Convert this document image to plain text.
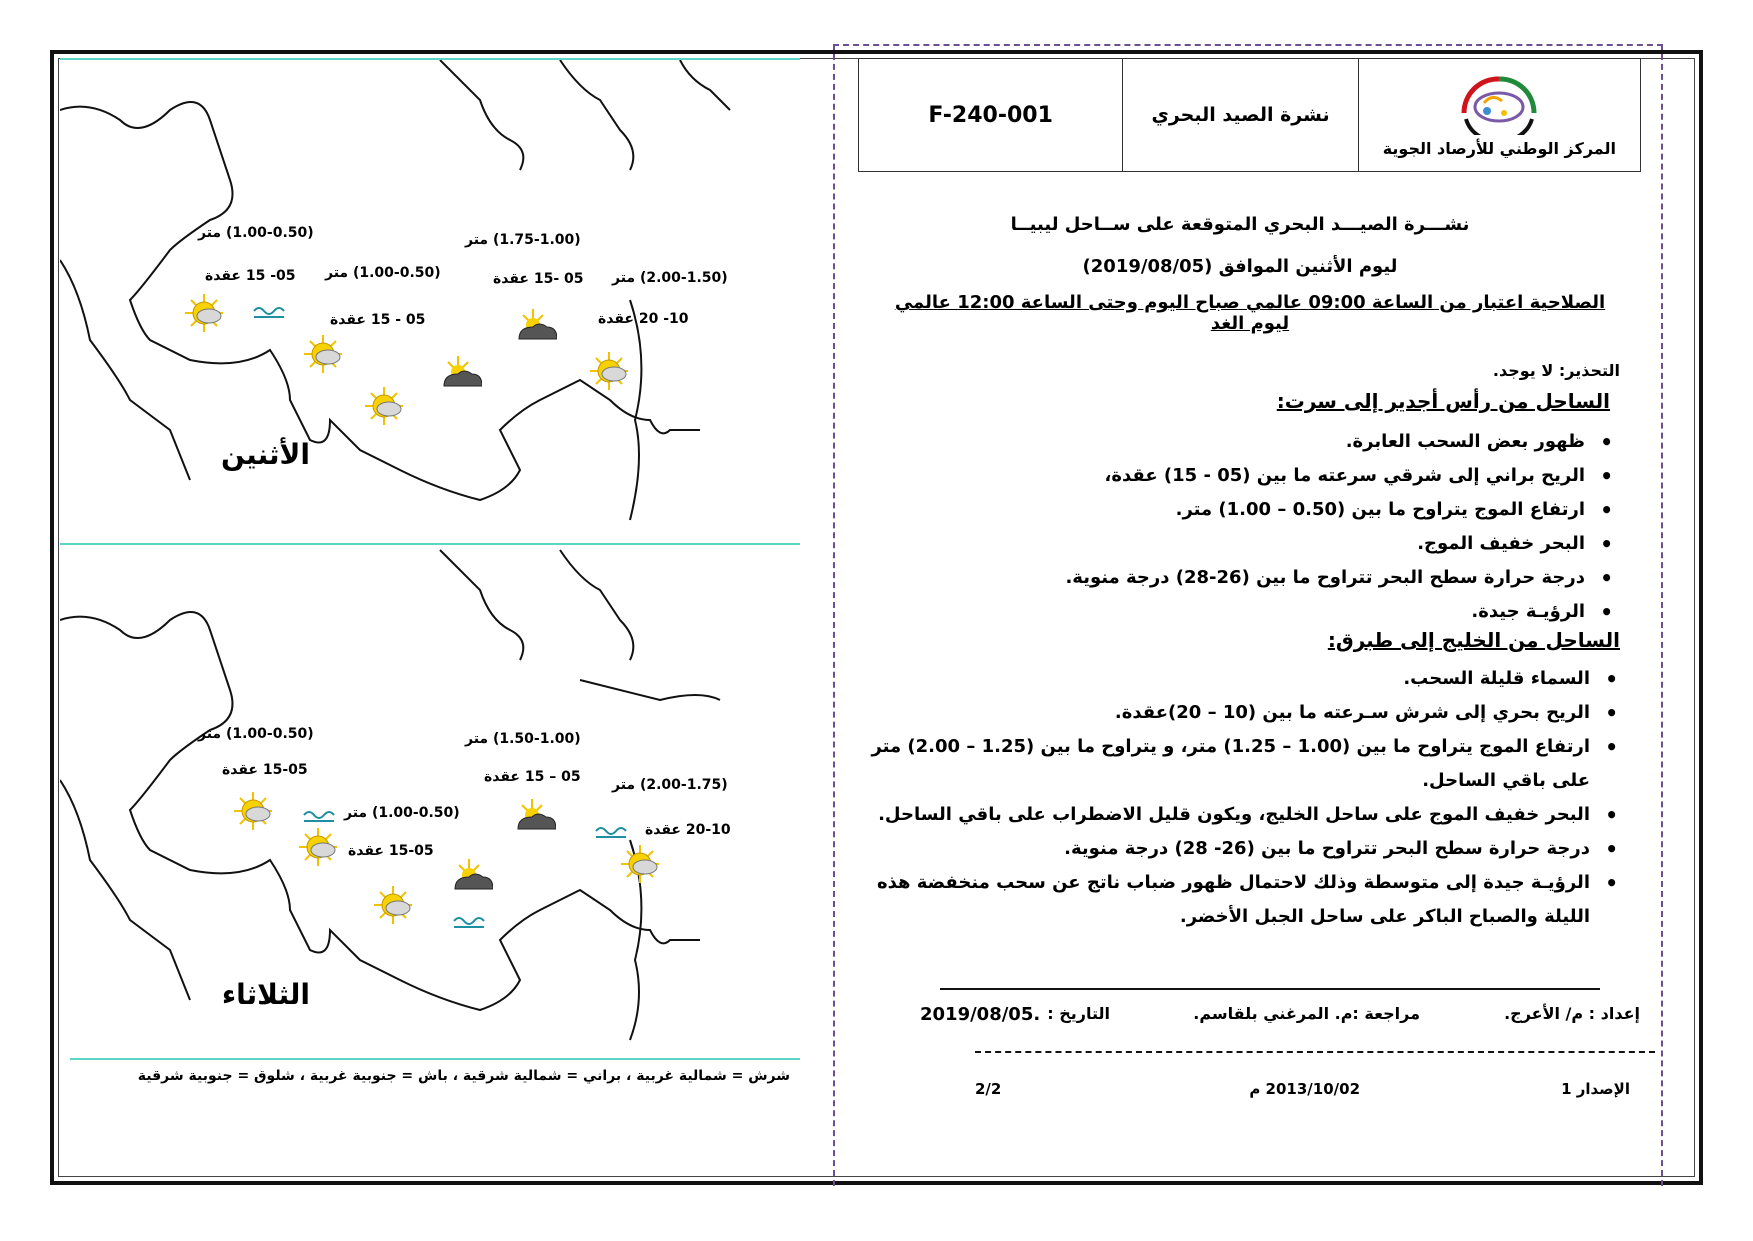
المركز الوطني للأرصاد الجوية
نشرة الصيد البحري
F-240-001
نشـــرة الصيـــد البحري المتوقعة على ســاحل ليبيــا
ليوم الأثنين الموافق (2019/08/05)
الصلاحية اعتبار من الساعة 09:00 عالمي صباح اليوم وحتى الساعة 12:00 عالمي ليوم الغد
التحذير: لا يوجد.
الساحل من رأس أجدير إلى سرت:
• ظهور بعض السحب العابرة.
• الريح براني إلى شرقي سرعته ما بين (05 - 15) عقدة،
• ارتفاع الموج يتراوح ما بين (0.50 – 1.00) متر.
• البحر خفيف الموج.
• درجة حرارة سطح البحر تتراوح ما بين (26-28) درجة منوية.
• الرؤيـة جيدة.
الساحل من الخليج إلى طبرق:
• السماء قليلة السحب.
• الريح بحري إلى شرش سـرعته ما بين (10 – 20)عقدة.
• ارتفاع الموج يتراوح ما بين (1.00 – 1.25) متر، و يتراوح ما بين (1.25 – 2.00) متر على باقي الساحل.
• البحر خفيف الموج على ساحل الخليج، ويكون قليل الاضطراب على باقي الساحل.
• درجة حرارة سطح البحر تتراوح ما بين (26- 28) درجة منوية.
• الرؤيـة جيدة إلى متوسطة وذلك لاحتمال ظهور ضباب ناتج عن سحب منخفضة هذه الليلة والصباح الباكر على ساحل الجبل الأخضر.
إعداد : م/ الأعرج.
مراجعة :م. المرغني بلقاسم.
التاريخ :
2019/08/05.
الإصدار 1
2013/10/02 م
2/2
(1.00-0.50) متر
05- 15 عقدة (1.00-0.50) متر
05 - 15 عقدة
(1.75-1.00) متر
05 -15 عقدة (2.00-1.50) متر
10- 20 عقدة
الأثنين
(1.00-0.50) متر
15-05 عقدة
(1.00-0.50) متر
15-05 عقدة
(1.50-1.00) متر
05 – 15 عقدة (2.00-1.75) متر
20-10 عقدة
الثلاثاء
شرش = شمالية غربية ، براني = شمالية شرقية ، باش = جنوبية غربية ، شلوق = جنوبية شرقية
